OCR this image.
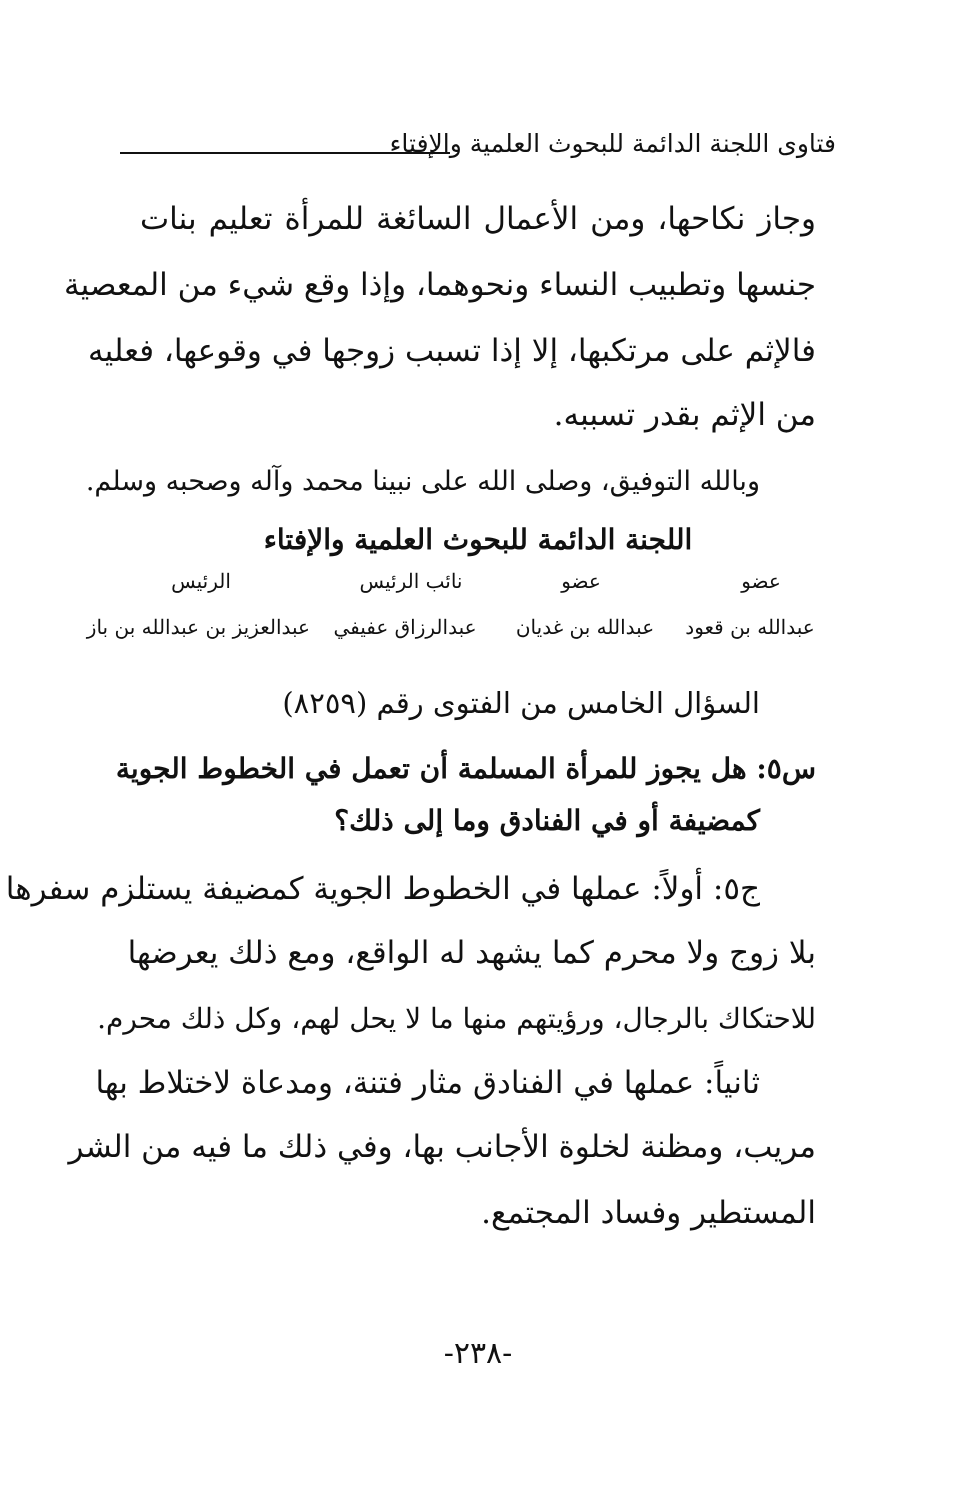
فتاوى اللجنة الدائمة للبحوث العلمية والإفتاء
وجاز نكاحها، ومن الأعمال السائغة للمرأة تعليم بنات
جنسها وتطبيب النساء ونحوهما، وإذا وقع شيء من المعصية
فالإثم على مرتكبها، إلا إذا تسبب زوجها في وقوعها، فعليه
من الإثم بقدر تسببه.
وبالله التوفيق، وصلى الله على نبينا محمد وآله وصحبه وسلم.
اللجنة الدائمة للبحوث العلمية والإفتاء
عضو
عضو
نائب الرئيس
الرئيس
عبدالله بن قعود
عبدالله بن غديان
عبدالرزاق عفيفي
عبدالعزيز بن عبدالله بن باز
السؤال الخامس من الفتوى رقم (٨٢٥٩)
س٥: هل يجوز للمرأة المسلمة أن تعمل في الخطوط الجوية
كمضيفة أو في الفنادق وما إلى ذلك؟
ج٥: أولاً: عملها في الخطوط الجوية كمضيفة يستلزم سفرها
بلا زوج ولا محرم كما يشهد له الواقع، ومع ذلك يعرضها
للاحتكاك بالرجال، ورؤيتهم منها ما لا يحل لهم، وكل ذلك محرم.
ثانياً: عملها في الفنادق مثار فتنة، ومدعاة لاختلاط بها
مريب، ومظنة لخلوة الأجانب بها، وفي ذلك ما فيه من الشر
المستطير وفساد المجتمع.
-٢٣٨-
